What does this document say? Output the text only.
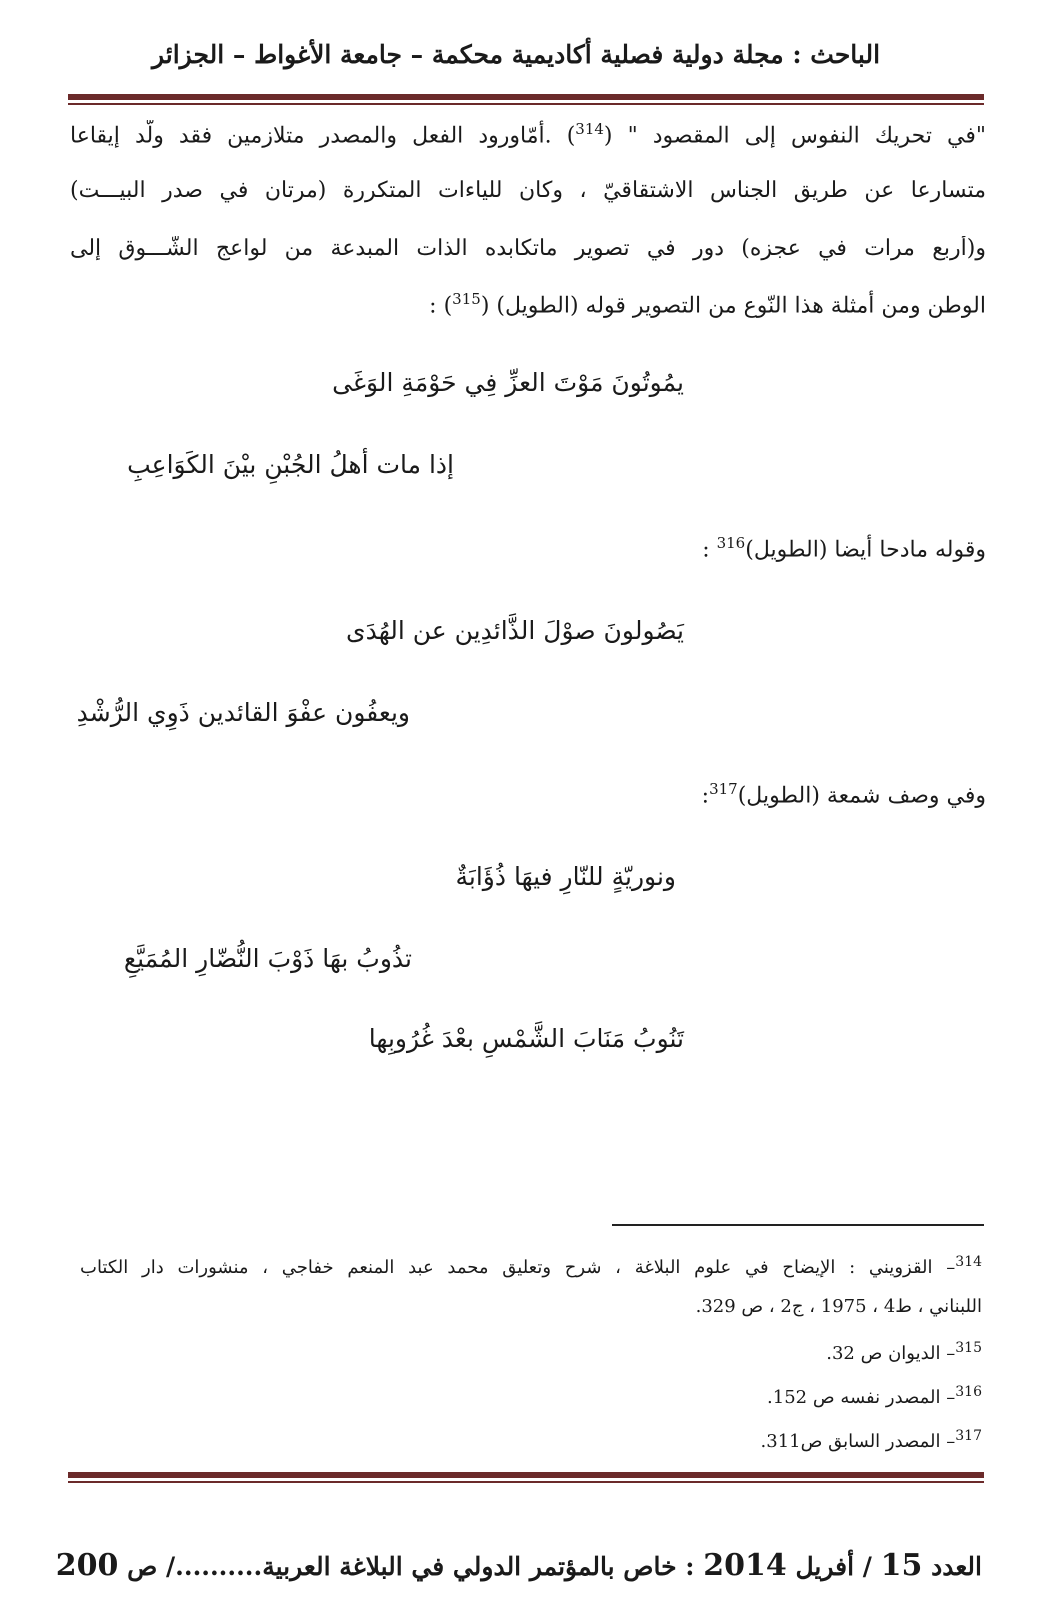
الباحث : مجلة دولية فصلية أكاديمية محكمة – جامعة الأغواط – الجزائر
"في تحريك النفوس إلى المقصود " ($^{314}$) .أمّاورود الفعل والمصدر متلازمين فقد ولّد إيقاعا
متسارعا عن طريق الجناس الاشتقاقيّ ، وكان للياءات المتكررة (مرتان في صدر البيـــت)
و(أربع مرات في عجزه) دور في تصوير ماتكابده الذات المبدعة من لواعج الشّـــوق إلى
الوطن ومن أمثلة هذا النّوع من التصوير قوله (الطويل) ($^{315}$) :
يمُوتُونَ مَوْتَ العزِّ فِي حَوْمَةِ الوَغَى
إذا مات أهلُ الجُبْنِ بيْنَ الكَوَاعِبِ
وقوله مادحا أيضا (الطويل)$^{316}$ :
يَصُولونَ صوْلَ الذَّائدِين عن الهُدَى
ويعفُون عفْوَ القائدين ذَوِي الرُّشْدِ
وفي وصف شمعة (الطويل)$^{317}$:
ونوريّةٍ للنّارِ فيهَا ذُؤَابَةٌ
تذُوبُ بهَا ذَوْبَ النُّضّارِ المُمَيَّعِ
تَنُوبُ مَنَابَ الشَّمْسِ بعْدَ غُرُوبِها
$^{314}$– القزويني : الإيضاح في علوم البلاغة ، شرح وتعليق محمد عبد المنعم خفاجي ، منشورات دار الكتاب
اللبناني ، ط4 ، 1975 ، ج2 ، ص 329.
$^{315}$– الديوان ص 32.
$^{316}$– المصدر نفسه ص 152.
$^{317}$– المصدر السابق ص311.
العدد 15 / أفريل 2014 : خاص بالمؤتمر الدولي في البلاغة العربية........../ ص 200
